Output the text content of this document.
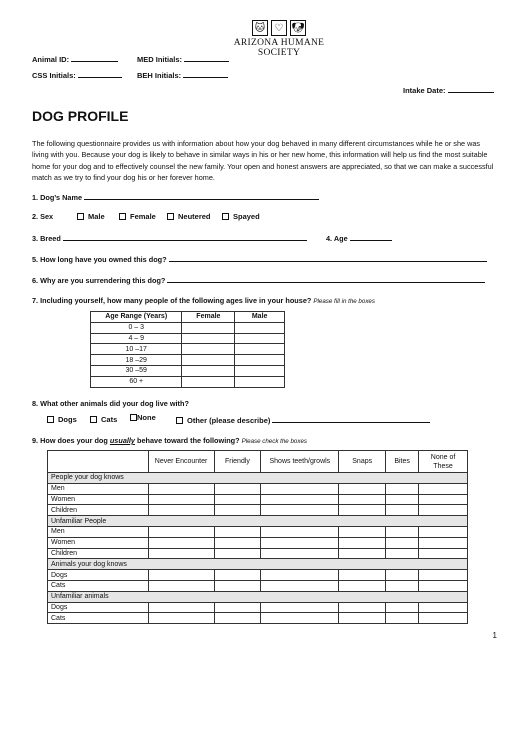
🐱︎ ♡ 🐶︎
ARIZONA HUMANE SOCIETY
Animal ID:	MED Initials:
CSS Initials:	BEH Initials:
Intake Date:
DOG PROFILE
The following questionnaire provides us with information about how your dog behaved in many different circumstances while he or she was living with you. Because your dog is likely to behave in similar ways in his or her new home, this information will help us find the most suitable home for your dog and to effectively counsel the new family. Your open and honest answers are appreciated, so that we can make a successful match as we try to find your dog his or her forever home.
1. Dog’s Name
2. Sex	Male	Female	Neutered	Spayed
3. Breed	4. Age
5. How long have you owned this dog?
6. Why are you surrendering this dog?
7. Including yourself, how many people of the following ages live in your house? Please fill in the boxes
Age Range (Years)	Female	Male
0 – 3		
4 – 9		
10 –17		
18 –29		
30 –59		
60 +		
8. What other animals did your dog live with?
Dogs	Cats	None	Other (please describe)
9. How does your dog usually behave toward the following? Please check the boxes
	Never Encounter	Friendly	Shows teeth/growls	Snaps	Bites	None of These
People your dog knows						
Men						
Women						
Children						
Unfamiliar People						
Men						
Women						
Children						
Animals your dog knows						
Dogs						
Cats						
Unfamiliar animals						
Dogs						
Cats						
1
